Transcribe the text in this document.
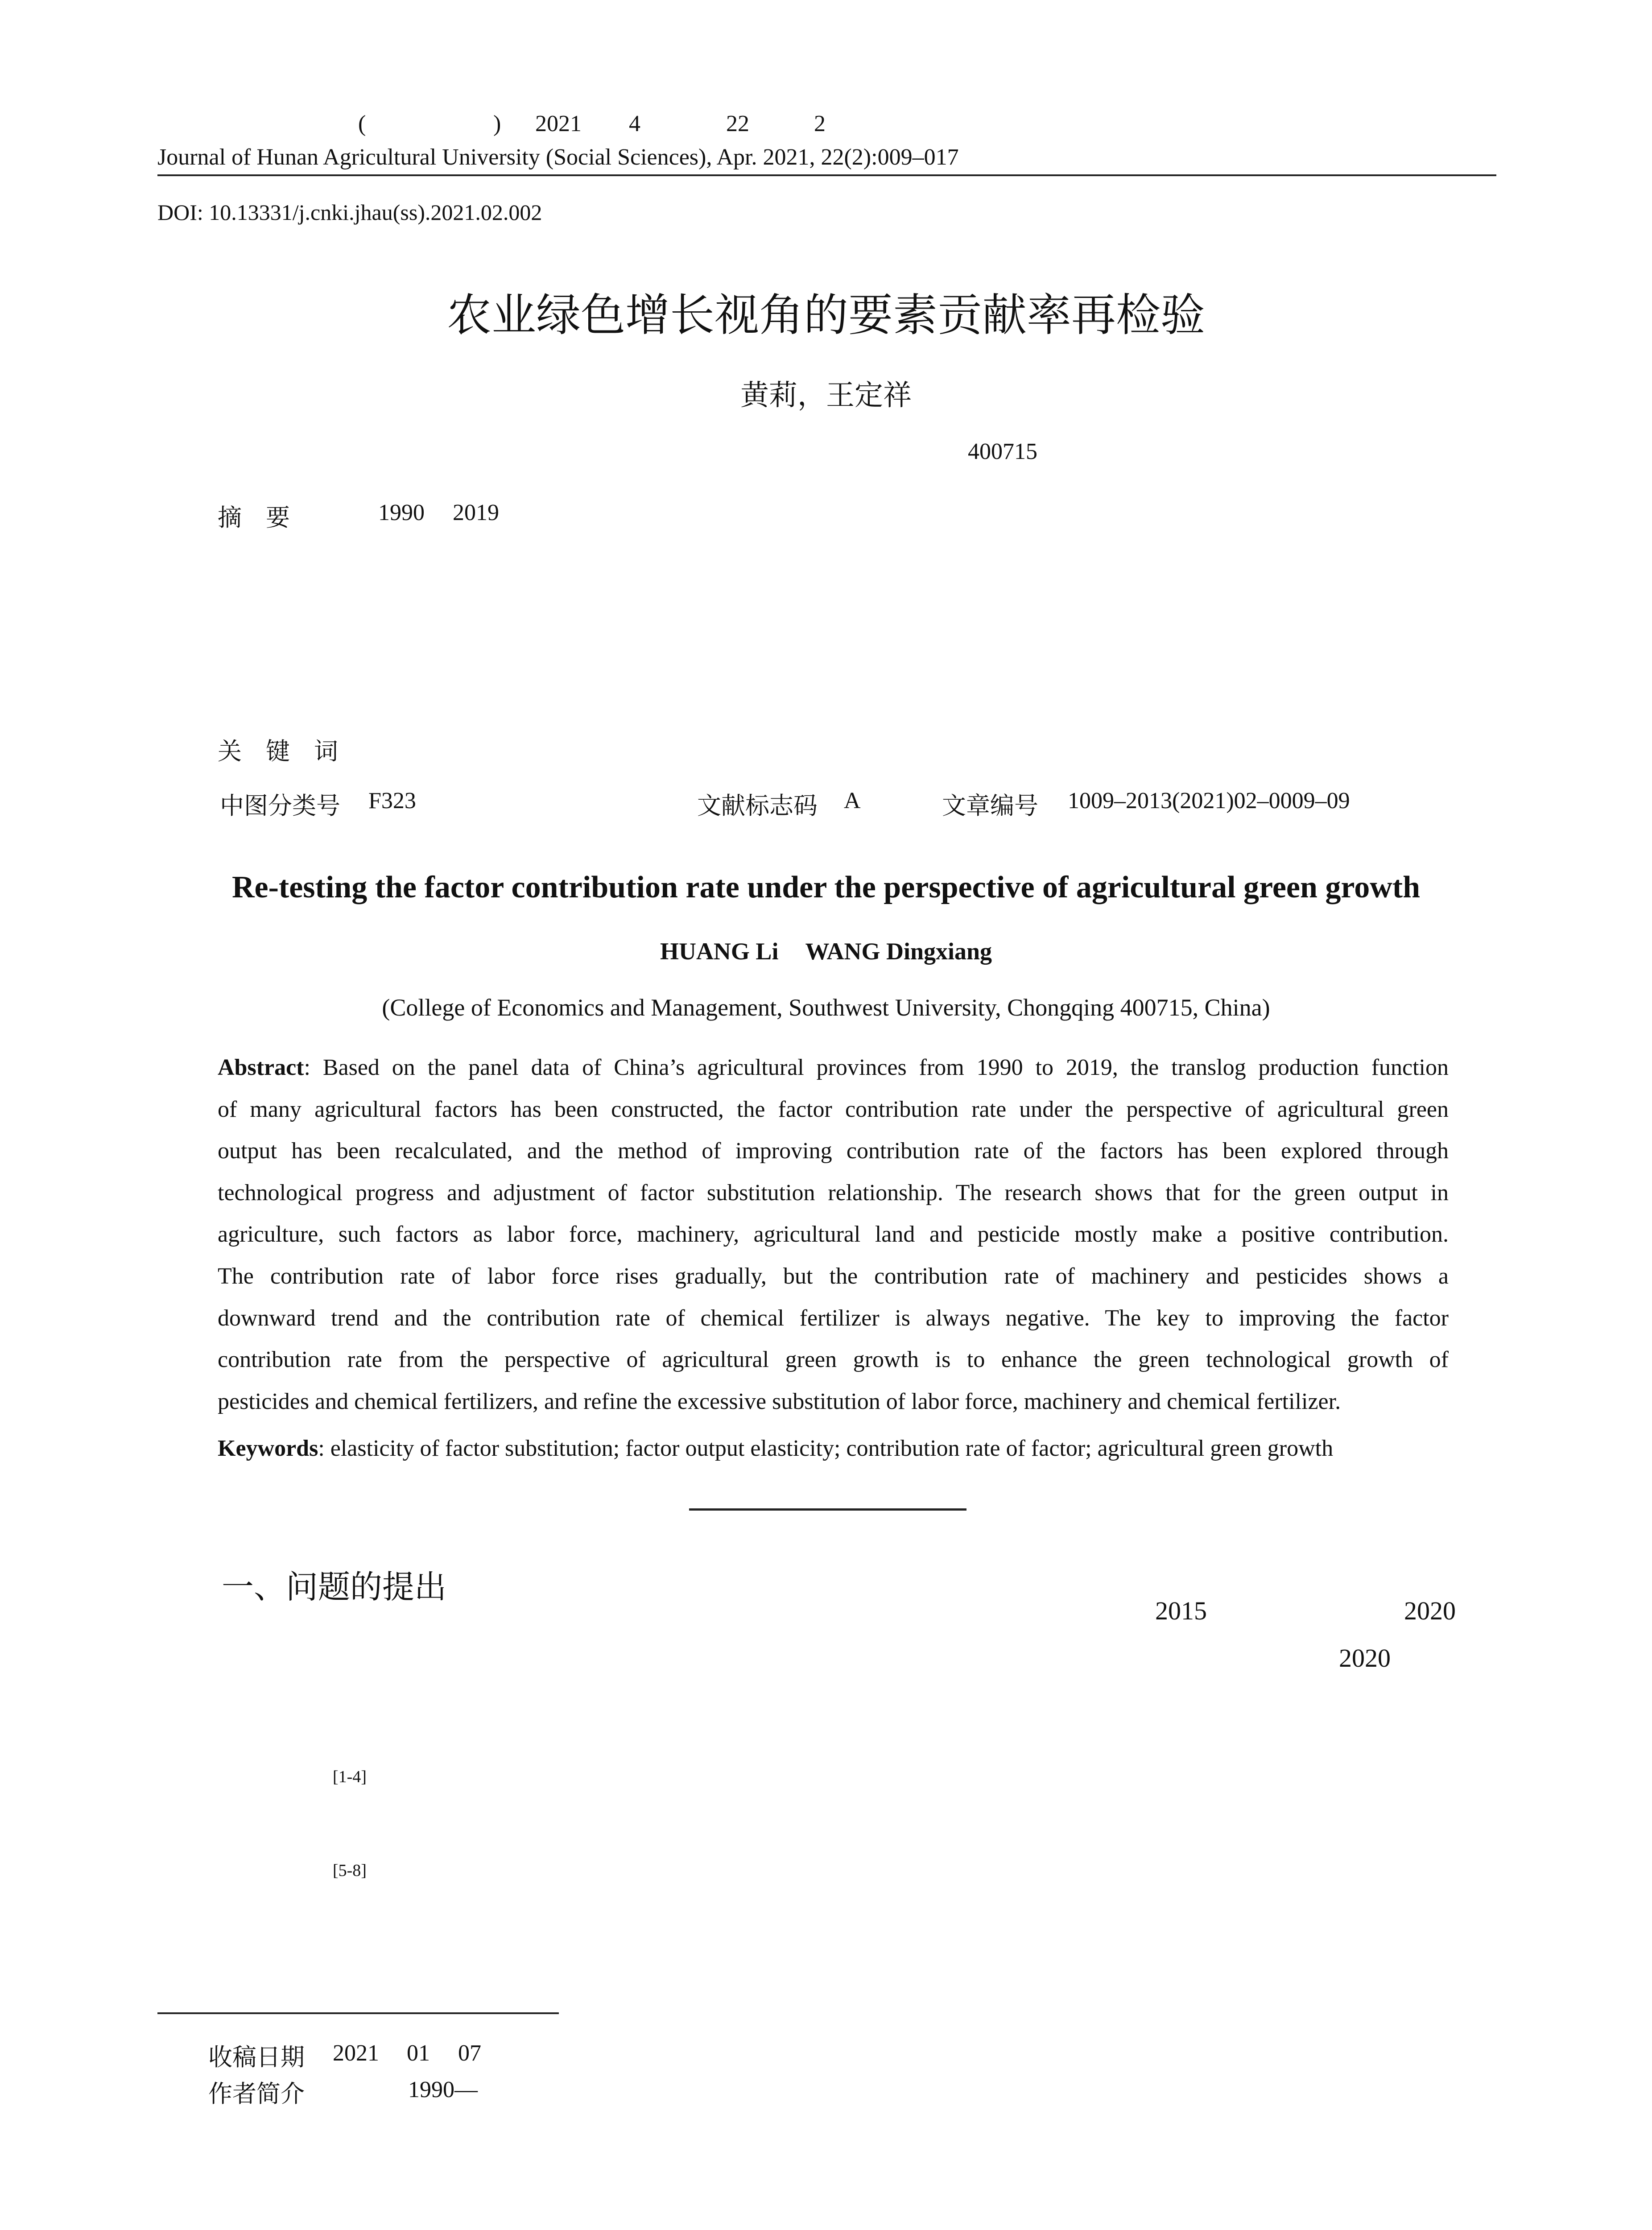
(	) 2021 4	22	2
Journal of Hunan Agricultural University (Social Sciences), Apr. 2021, 22(2):009–017
DOI: 10.13331/j.cnki.jhau(ss).2021.02.002
农业绿色增长视角的要素贡献率再检验
黄莉，王定祥
400715
摘　要	1990 2019
关　键　词
中图分类号 F323	文献标志码 A	文章编号 1009–2013(2021)02–0009–09
Re-testing the factor contribution rate under the perspective of agricultural green growth
HUANG Li WANG Dingxiang
(College of Economics and Management, Southwest University, Chongqing 400715, China)
Abstract: Based on the panel data of China’s agricultural provinces from 1990 to 2019, the translog production function
of many agricultural factors has been constructed, the factor contribution rate under the perspective of agricultural green
output has been recalculated, and the method of improving contribution rate of the factors has been explored through
technological progress and adjustment of factor substitution relationship. The research shows that for the green output in
agriculture, such factors as labor force, machinery, agricultural land and pesticide mostly make a positive contribution.
The contribution rate of labor force rises gradually, but the contribution rate of machinery and pesticides shows a
downward trend and the contribution rate of chemical fertilizer is always negative. The key to improving the factor
contribution rate from the perspective of agricultural green growth is to enhance the green technological growth of
pesticides and chemical fertilizers, and refine the excessive substitution of labor force, machinery and chemical fertilizer.
Keywords: elasticity of factor substitution; factor output elasticity; contribution rate of factor; agricultural green growth
一、问题的提出
2015	2020
2020
[1-4]
[5-8]
收稿日期 2021 01 07
作者简介	1990—
